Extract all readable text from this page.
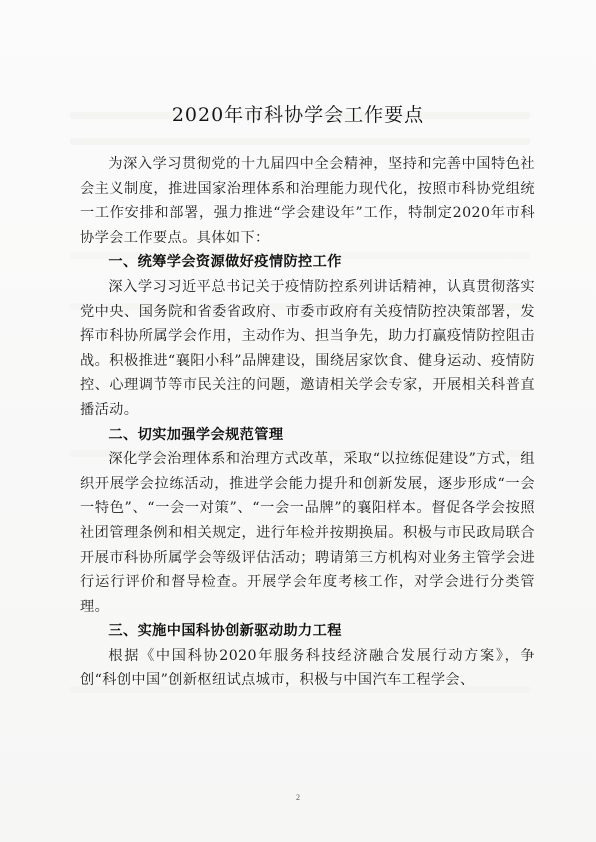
2020年市科协学会工作要点

为深入学习贯彻党的十九届四中全会精神，坚持和完善中国特色社会主义制度，推进国家治理体系和治理能力现代化，按照市科协党组统一工作安排和部署，强力推进“学会建设年”工作，特制定2020年市科协学会工作要点。具体如下：

一、统筹学会资源做好疫情防控工作

深入学习习近平总书记关于疫情防控系列讲话精神，认真贯彻落实党中央、国务院和省委省政府、市委市政府有关疫情防控决策部署，发挥市科协所属学会作用，主动作为、担当争先，助力打赢疫情防控阻击战。积极推进“襄阳小科”品牌建设，围绕居家饮食、健身运动、疫情防控、心理调节等市民关注的问题，邀请相关学会专家，开展相关科普直播活动。

二、切实加强学会规范管理

深化学会治理体系和治理方式改革，采取“以拉练促建设”方式，组织开展学会拉练活动，推进学会能力提升和创新发展，逐步形成“一会一特色”、“一会一对策”、“一会一品牌”的襄阳样本。督促各学会按照社团管理条例和相关规定，进行年检并按期换届。积极与市民政局联合开展市科协所属学会等级评估活动；聘请第三方机构对业务主管学会进行运行评价和督导检查。开展学会年度考核工作，对学会进行分类管理。

三、实施中国科协创新驱动助力工程

根据《中国科协2020年服务科技经济融合发展行动方案》，争创“科创中国”创新枢纽试点城市，积极与中国汽车工程学会、

2
